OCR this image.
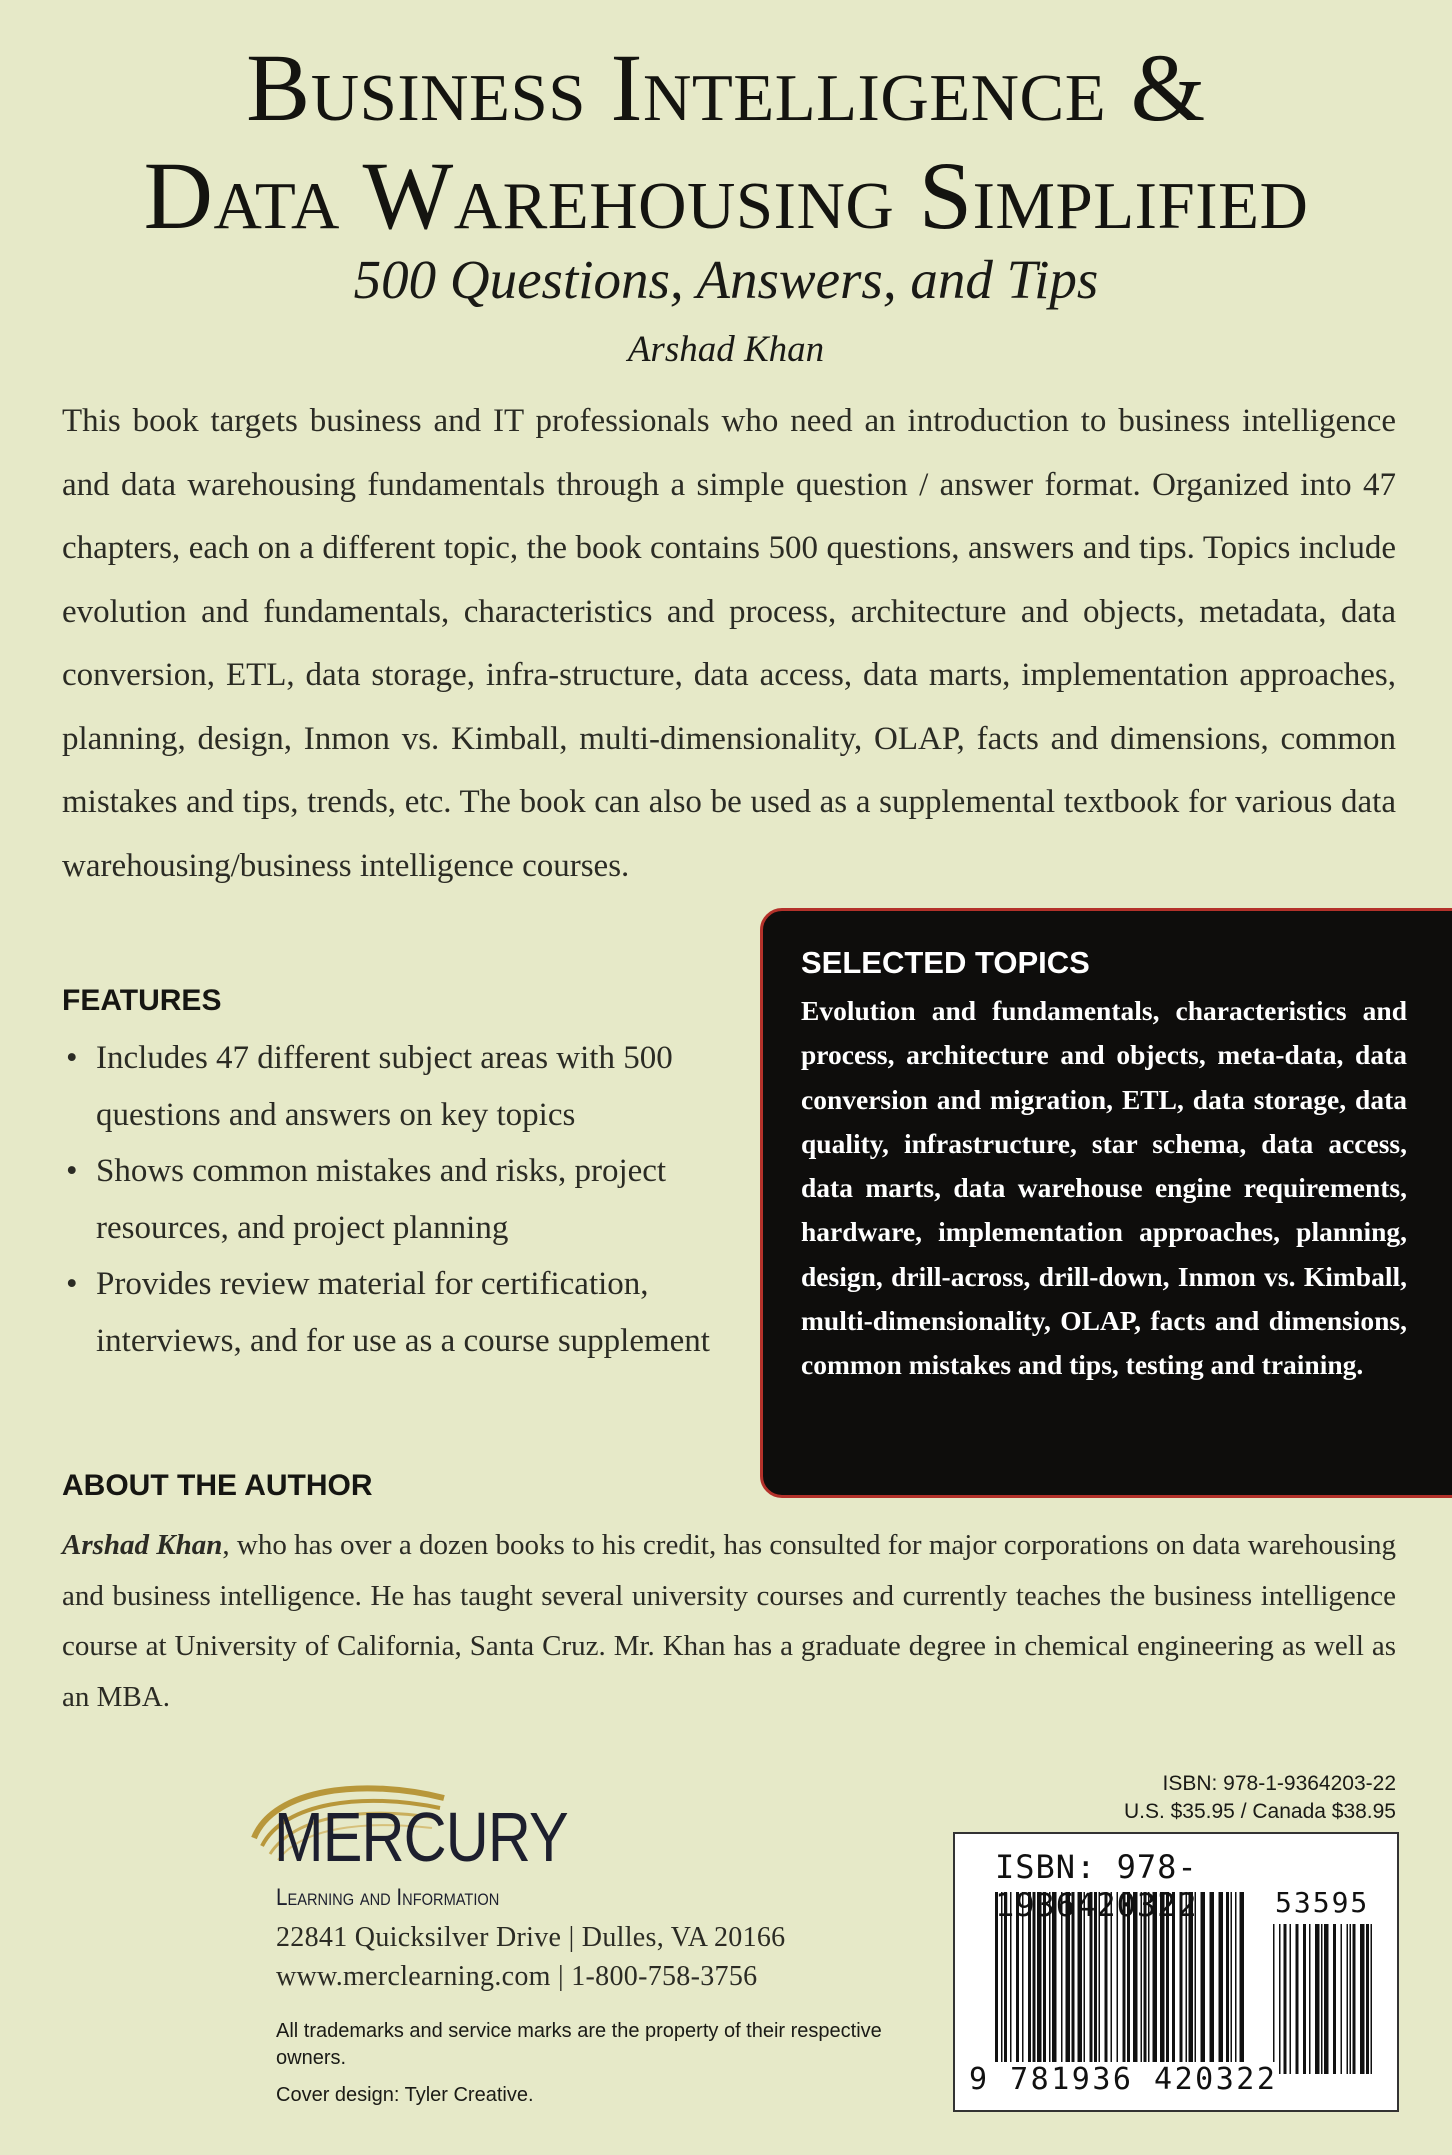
Business Intelligence &
Data Warehousing Simplified
500 Questions, Answers, and Tips
Arshad Khan

This book targets business and IT professionals who need an introduction to business intelligence and data warehousing fundamentals through a simple question / answer format. Organized into 47 chapters, each on a different topic, the book contains 500 questions, answers and tips. Topics include evolution and fundamentals, characteristics and process, architecture and objects, metadata, data conversion, ETL, data storage, infra-structure, data access, data marts, implementation approaches, planning, design, Inmon vs. Kimball, multi-dimensionality, OLAP, facts and dimensions, common mistakes and tips, trends, etc. The book can also be used as a supplemental textbook for various data warehousing/business intelligence courses.

FEATURES
• Includes 47 different subject areas with 500 questions and answers on key topics
• Shows common mistakes and risks, project resources, and project planning
• Provides review material for certification, interviews, and for use as a course supplement
SELECTED TOPICS

Evolution and fundamentals, characteristics and process, architecture and objects, meta-data, data conversion and migration, ETL, data storage, data quality, infrastructure, star schema, data access, data marts, data warehouse engine requirements, hardware, implementation approaches, planning, design, drill-across, drill-down, Inmon vs. Kimball, multi-dimensionality, OLAP, facts and dimensions, common mistakes and tips, testing and training.

ABOUT THE AUTHOR

Arshad Khan, who has over a dozen books to his credit, has consulted for major corporations on data warehousing and business intelligence. He has taught several university courses and currently teaches the business intelligence course at University of California, Santa Cruz. Mr. Khan has a graduate degree in chemical engineering as well as an MBA.

MERCURY
Learning and Information
22841 Quicksilver Drive | Dulles, VA 20166
www.merclearning.com | 1-800-758-3756

All trademarks and service marks are the property of their respective owners.

Cover design: Tyler Creative.
ISBN: 978-1-9364203-22
U.S. $35.95 / Canada $38.95
ISBN: 978-1936420322	53595
9 781936 420322
